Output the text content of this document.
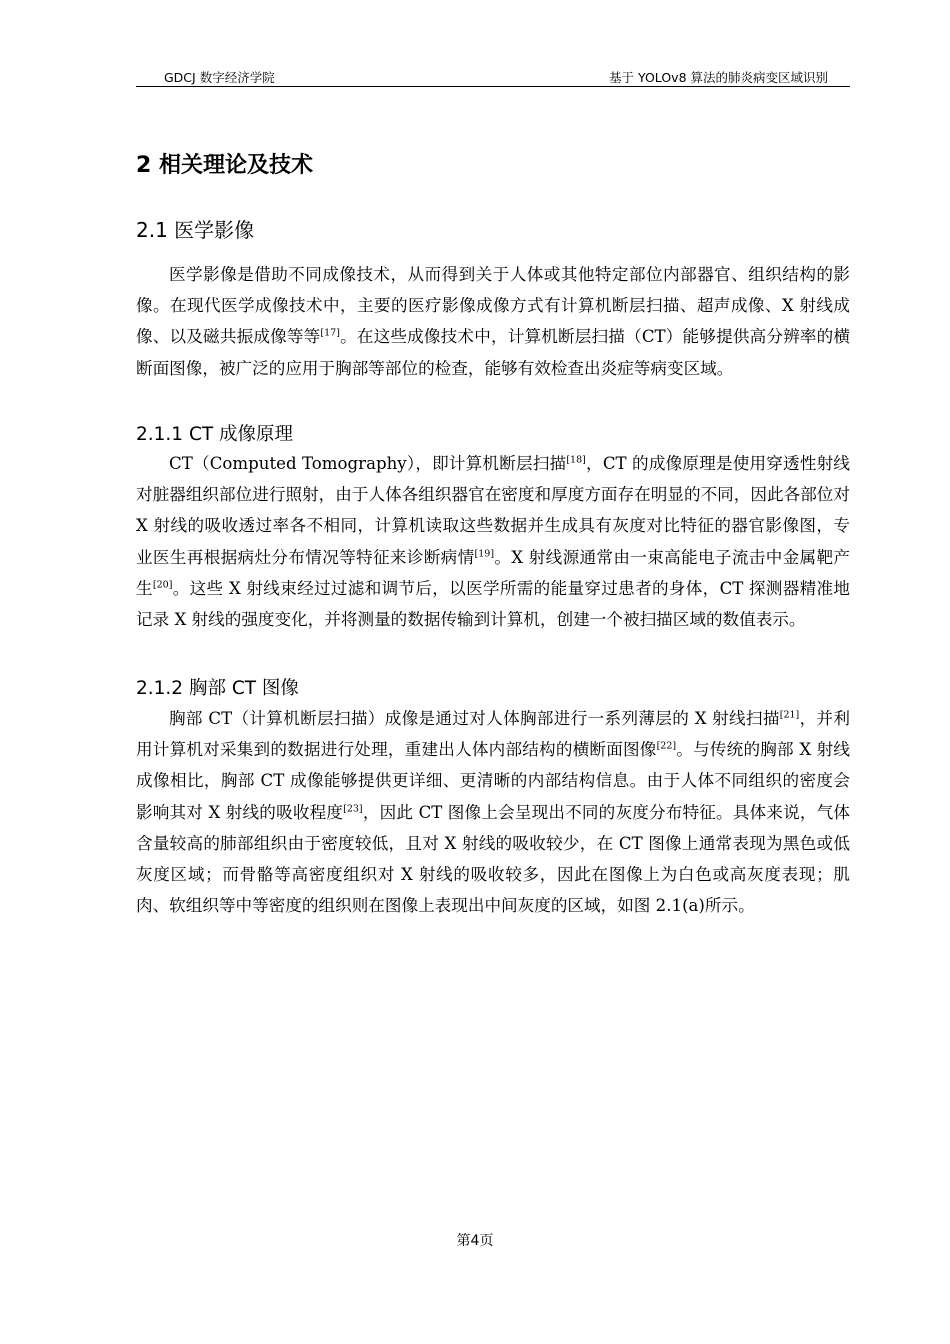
GDCJ 数字经济学院	基于 YOLOv8 算法的肺炎病变区域识别
2 相关理论及技术
2.1 医学影像
医学影像是借助不同成像技术，从而得到关于人体或其他特定部位内部器官、组织结构的影像。在现代医学成像技术中，主要的医疗影像成像方式有计算机断层扫描、超声成像、X 射线成像、以及磁共振成像等等[17]。在这些成像技术中，计算机断层扫描（CT）能够提供高分辨率的横断面图像，被广泛的应用于胸部等部位的检查，能够有效检查出炎症等病变区域。
2.1.1 CT 成像原理
CT（Computed Tomography），即计算机断层扫描[18]，CT 的成像原理是使用穿透性射线对脏器组织部位进行照射，由于人体各组织器官在密度和厚度方面存在明显的不同，因此各部位对 X 射线的吸收透过率各不相同，计算机读取这些数据并生成具有灰度对比特征的器官影像图，专业医生再根据病灶分布情况等特征来诊断病情[19]。X 射线源通常由一束高能电子流击中金属靶产生[20]。这些 X 射线束经过过滤和调节后，以医学所需的能量穿过患者的身体，CT 探测器精准地记录 X 射线的强度变化，并将测量的数据传输到计算机，创建一个被扫描区域的数值表示。
2.1.2 胸部 CT 图像
胸部 CT（计算机断层扫描）成像是通过对人体胸部进行一系列薄层的 X 射线扫描[21]，并利用计算机对采集到的数据进行处理，重建出人体内部结构的横断面图像[22]。与传统的胸部 X 射线成像相比，胸部 CT 成像能够提供更详细、更清晰的内部结构信息。由于人体不同组织的密度会影响其对 X 射线的吸收程度[23]，因此 CT 图像上会呈现出不同的灰度分布特征。具体来说，气体含量较高的肺部组织由于密度较低，且对 X 射线的吸收较少，在 CT 图像上通常表现为黑色或低灰度区域；而骨骼等高密度组织对 X 射线的吸收较多，因此在图像上为白色或高灰度表现；肌肉、软组织等中等密度的组织则在图像上表现出中间灰度的区域，如图 2.1(a)所示。
第4页
